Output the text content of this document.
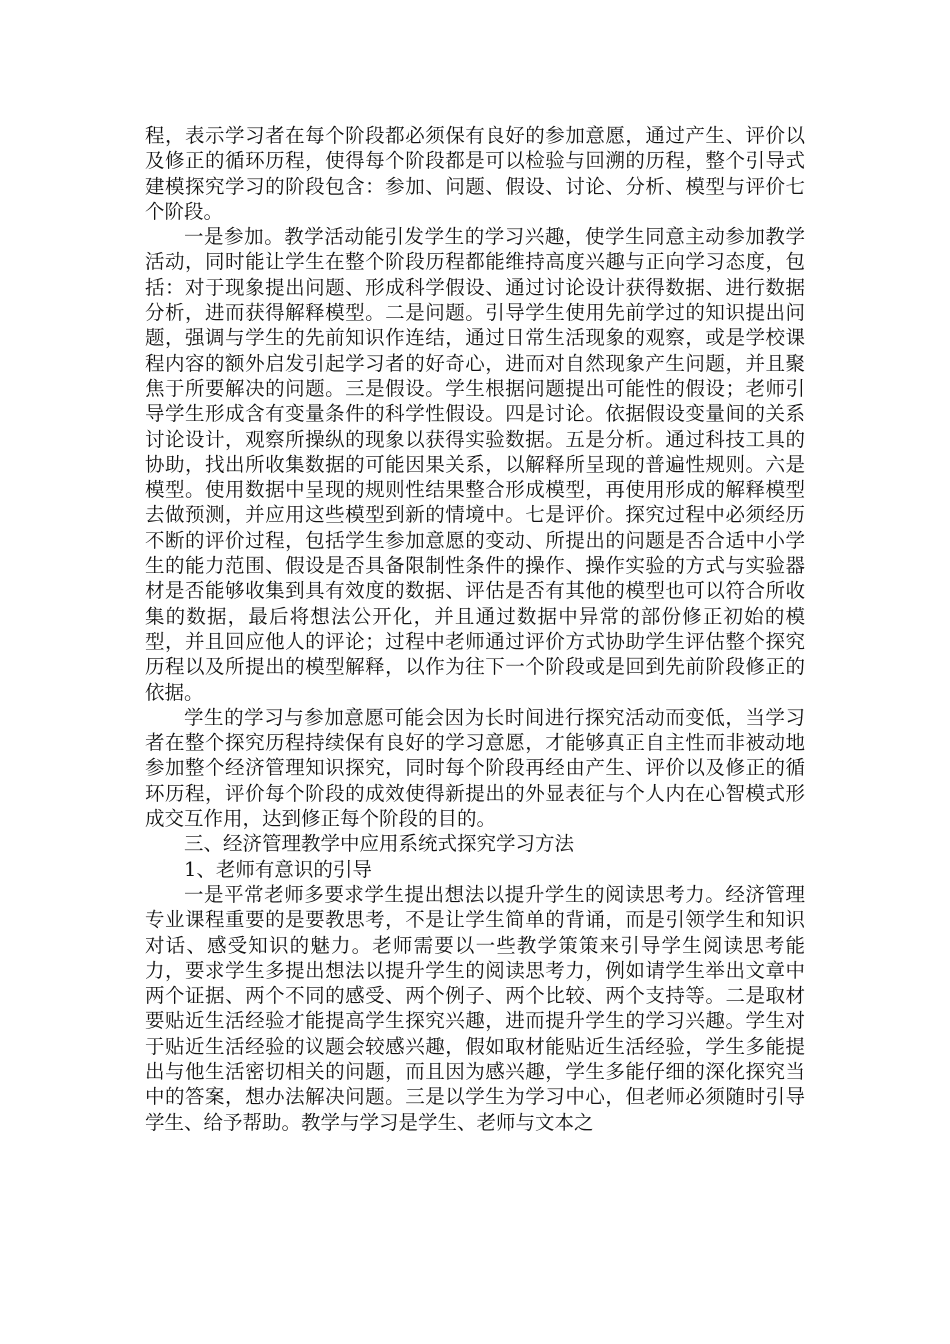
程，表示学习者在每个阶段都必须保有良好的参加意愿，通过产生、评价以及修正的循环历程，使得每个阶段都是可以检验与回溯的历程，整个引导式建模探究学习的阶段包含：参加、问题、假设、讨论、分析、模型与评价七个阶段。

一是参加。教学活动能引发学生的学习兴趣，使学生同意主动参加教学活动，同时能让学生在整个阶段历程都能维持高度兴趣与正向学习态度，包括：对于现象提出问题、形成科学假设、通过讨论设计获得数据、进行数据分析，进而获得解释模型。二是问题。引导学生使用先前学过的知识提出问题，强调与学生的先前知识作连结，通过日常生活现象的观察，或是学校课程内容的额外启发引起学习者的好奇心，进而对自然现象产生问题，并且聚焦于所要解决的问题。三是假设。学生根据问题提出可能性的假设；老师引导学生形成含有变量条件的科学性假设。四是讨论。依据假设变量间的关系讨论设计，观察所操纵的现象以获得实验数据。五是分析。通过科技工具的协助，找出所收集数据的可能因果关系，以解释所呈现的普遍性规则。六是模型。使用数据中呈现的规则性结果整合形成模型，再使用形成的解释模型去做预测，并应用这些模型到新的情境中。七是评价。探究过程中必须经历不断的评价过程，包括学生参加意愿的变动、所提出的问题是否合适中小学生的能力范围、假设是否具备限制性条件的操作、操作实验的方式与实验器材是否能够收集到具有效度的数据、评估是否有其他的模型也可以符合所收集的数据，最后将想法公开化，并且通过数据中异常的部份修正初始的模型，并且回应他人的评论；过程中老师通过评价方式协助学生评估整个探究历程以及所提出的模型解释，以作为往下一个阶段或是回到先前阶段修正的依据。

学生的学习与参加意愿可能会因为长时间进行探究活动而变低，当学习者在整个探究历程持续保有良好的学习意愿，才能够真正自主性而非被动地参加整个经济管理知识探究，同时每个阶段再经由产生、评价以及修正的循环历程，评价每个阶段的成效使得新提出的外显表征与个人内在心智模式形成交互作用，达到修正每个阶段的目的。

三、经济管理教学中应用系统式探究学习方法

1、老师有意识的引导

一是平常老师多要求学生提出想法以提升学生的阅读思考力。经济管理专业课程重要的是要教思考，不是让学生简单的背诵，而是引领学生和知识对话、感受知识的魅力。老师需要以一些教学策策来引导学生阅读思考能力，要求学生多提出想法以提升学生的阅读思考力，例如请学生举出文章中两个证据、两个不同的感受、两个例子、两个比较、两个支持等。二是取材要贴近生活经验才能提高学生探究兴趣，进而提升学生的学习兴趣。学生对于贴近生活经验的议题会较感兴趣，假如取材能贴近生活经验，学生多能提出与他生活密切相关的问题，而且因为感兴趣，学生多能仔细的深化探究当中的答案，想办法解决问题。三是以学生为学习中心，但老师必须随时引导学生、给予帮助。教学与学习是学生、老师与文本之
